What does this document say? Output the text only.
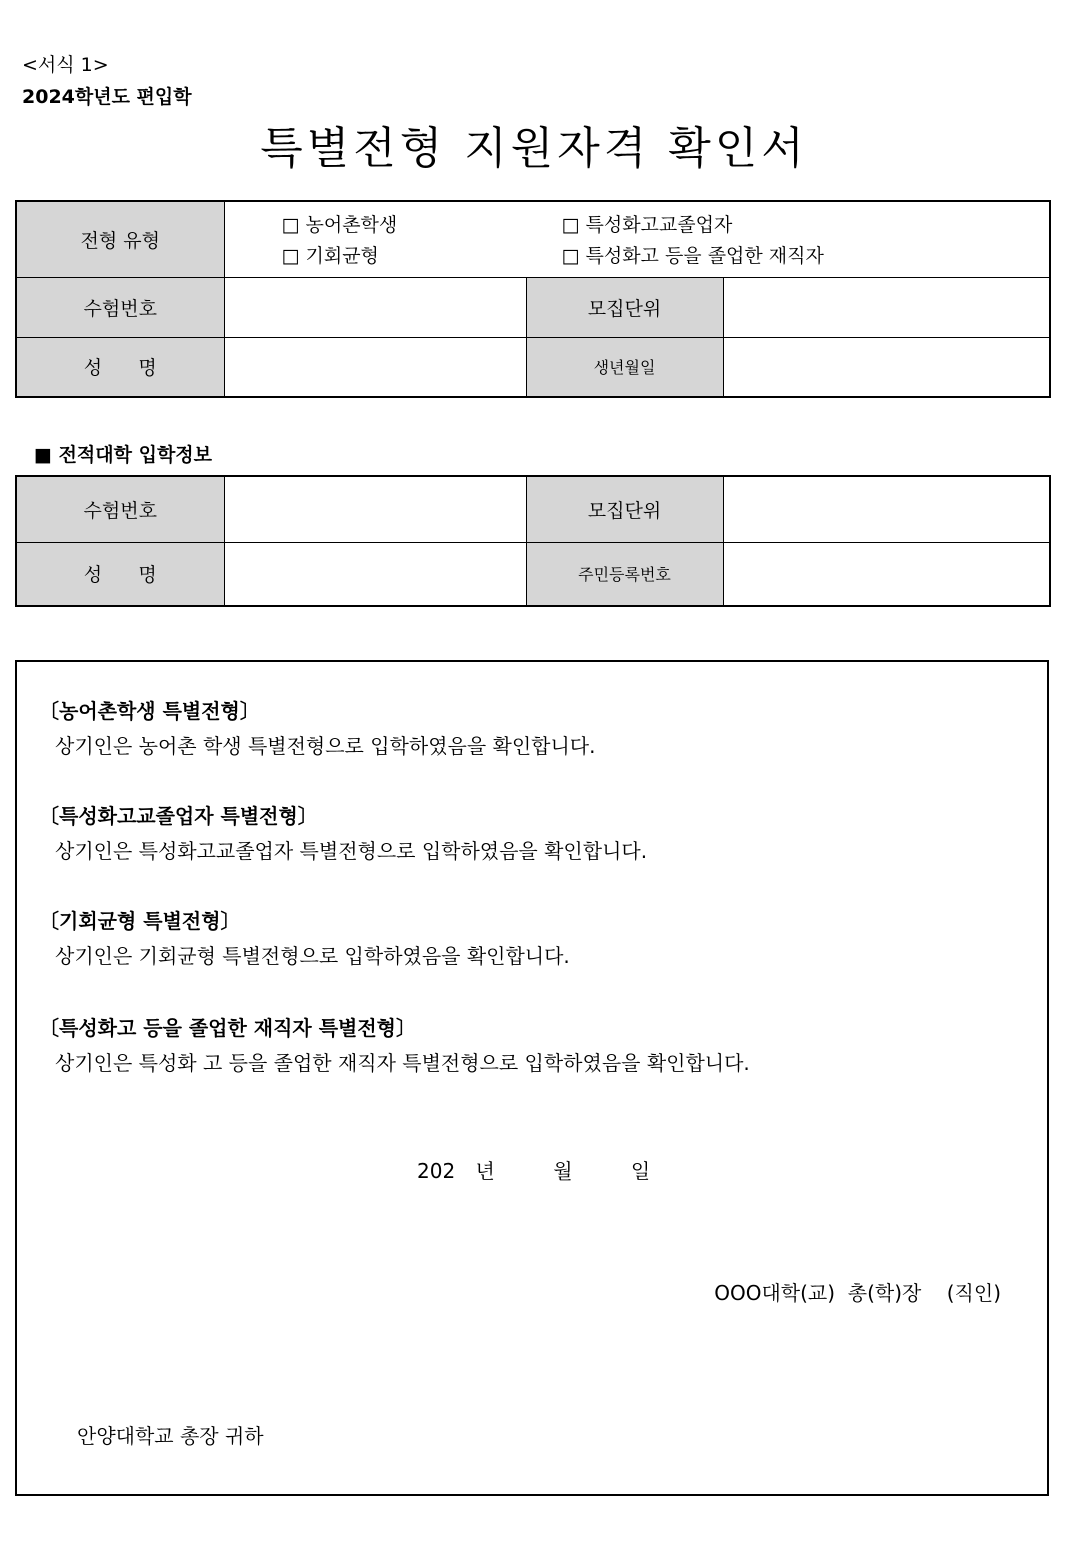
<서식 1>
2024학년도 편입학
특별전형 지원자격 확인서
전형 유형	□ 농어촌학생 □ 특성화고교졸업자
□ 기회균형 □ 특성화고 등을 졸업한 재직자		

수험번호		모집단위	
성      명		생년월일	
■ 전적대학 입학정보
수험번호		모집단위	
성      명		주민등록번호	
〔농어촌학생 특별전형〕
상기인은 농어촌 학생 특별전형으로 입학하였음을 확인합니다.
〔특성화고교졸업자 특별전형〕
상기인은 특성화고교졸업자 특별전형으로 입학하였음을 확인합니다.
〔기회균형 특별전형〕
상기인은 기회균형 특별전형으로 입학하였음을 확인합니다.
〔특성화고 등을 졸업한 재직자 특별전형〕
상기인은 특성화 고 등을 졸업한 재직자 특별전형으로 입학하였음을 확인합니다.
202 년	월	일
OOO대학(교)  총(학)장    (직인)
안양대학교 총장 귀하
